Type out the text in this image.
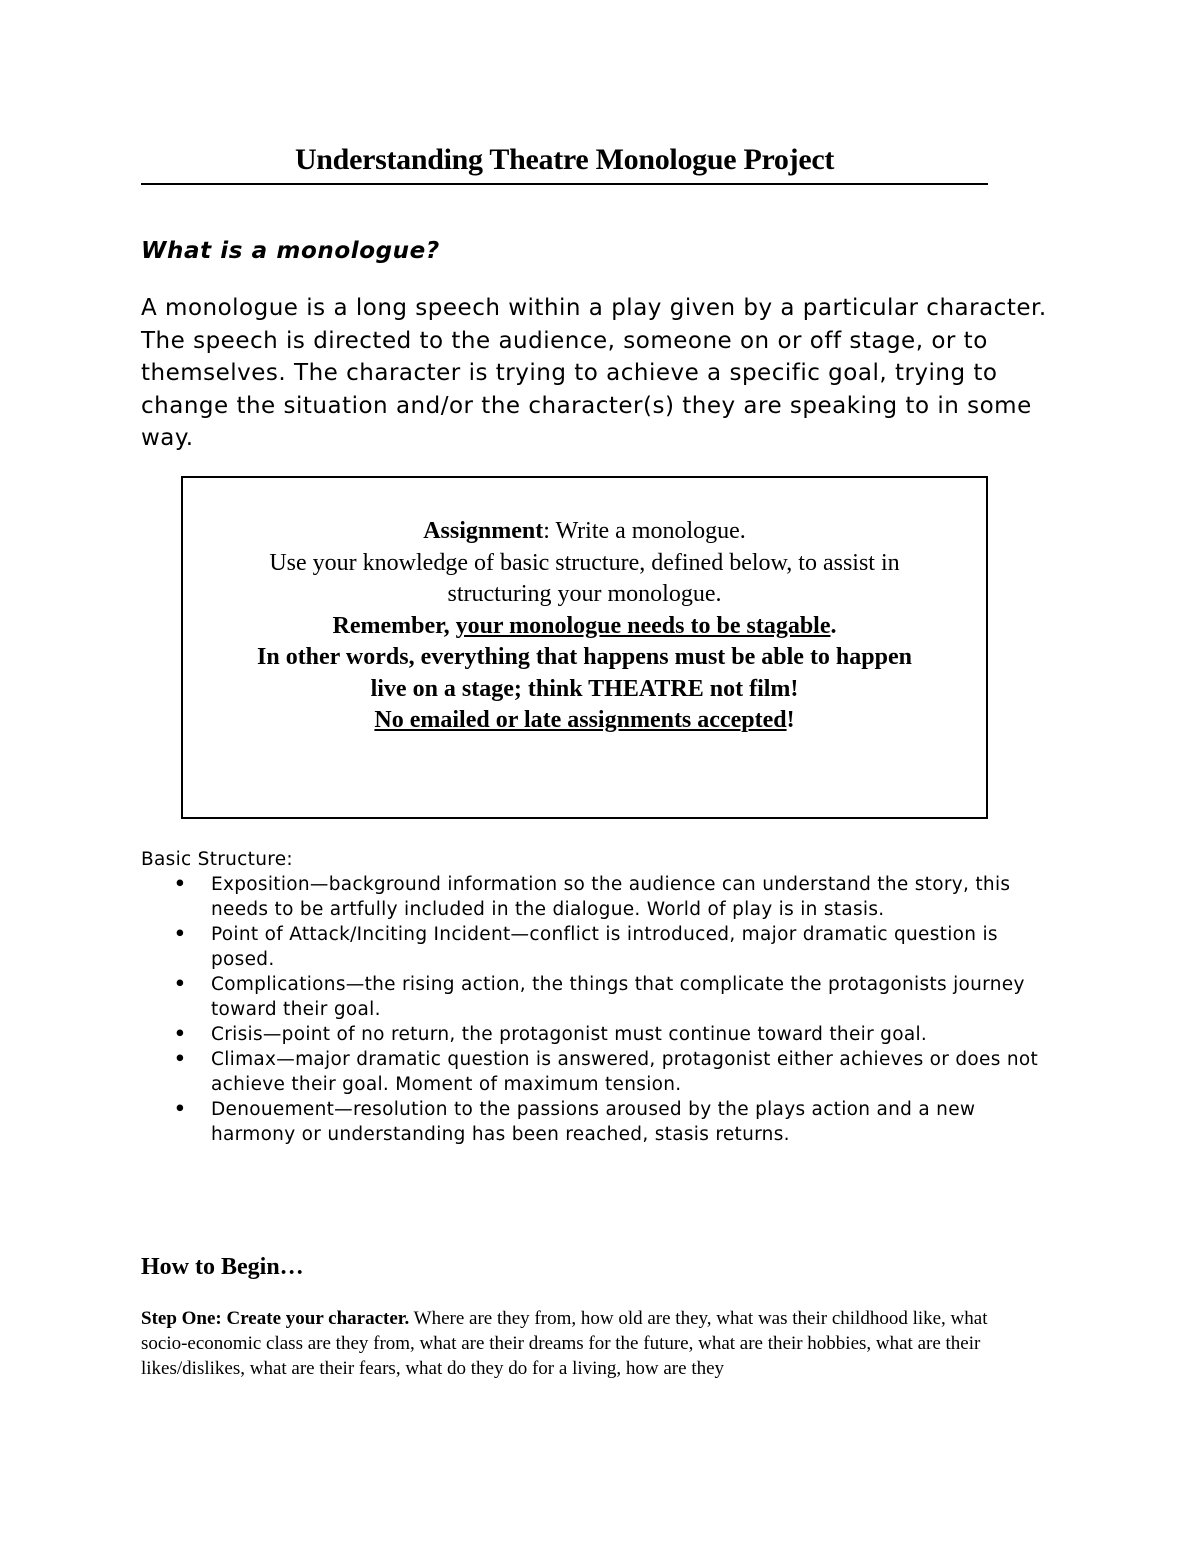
Understanding Theatre Monologue Project
What is a monologue?

A monologue is a long speech within a play given by a particular character. The speech is directed to the audience, someone on or off stage, or to themselves. The character is trying to achieve a specific goal, trying to change the situation and/or the character(s) they are speaking to in some way.

Assignment: Write a monologue.
Use your knowledge of basic structure, defined below, to assist in
structuring your monologue.
Remember, your monologue needs to be stagable.
In other words, everything that happens must be able to happen
live on a stage; think THEATRE not film!
No emailed or late assignments accepted!
Basic Structure:
• Exposition—background information so the audience can understand the story, this needs to be artfully included in the dialogue. World of play is in stasis.
• Point of Attack/Inciting Incident—conflict is introduced, major dramatic question is posed.
• Complications—the rising action, the things that complicate the protagonists journey toward their goal.
• Crisis—point of no return, the protagonist must continue toward their goal.
• Climax—major dramatic question is answered, protagonist either achieves or does not achieve their goal. Moment of maximum tension.
• Denouement—resolution to the passions aroused by the plays action and a new harmony or understanding has been reached, stasis returns.
How to Begin…

Step One: Create your character. Where are they from, how old are they, what was their childhood like, what socio-economic class are they from, what are their dreams for the future, what are their hobbies, what are their likes/dislikes, what are their fears, what do they do for a living, how are they
